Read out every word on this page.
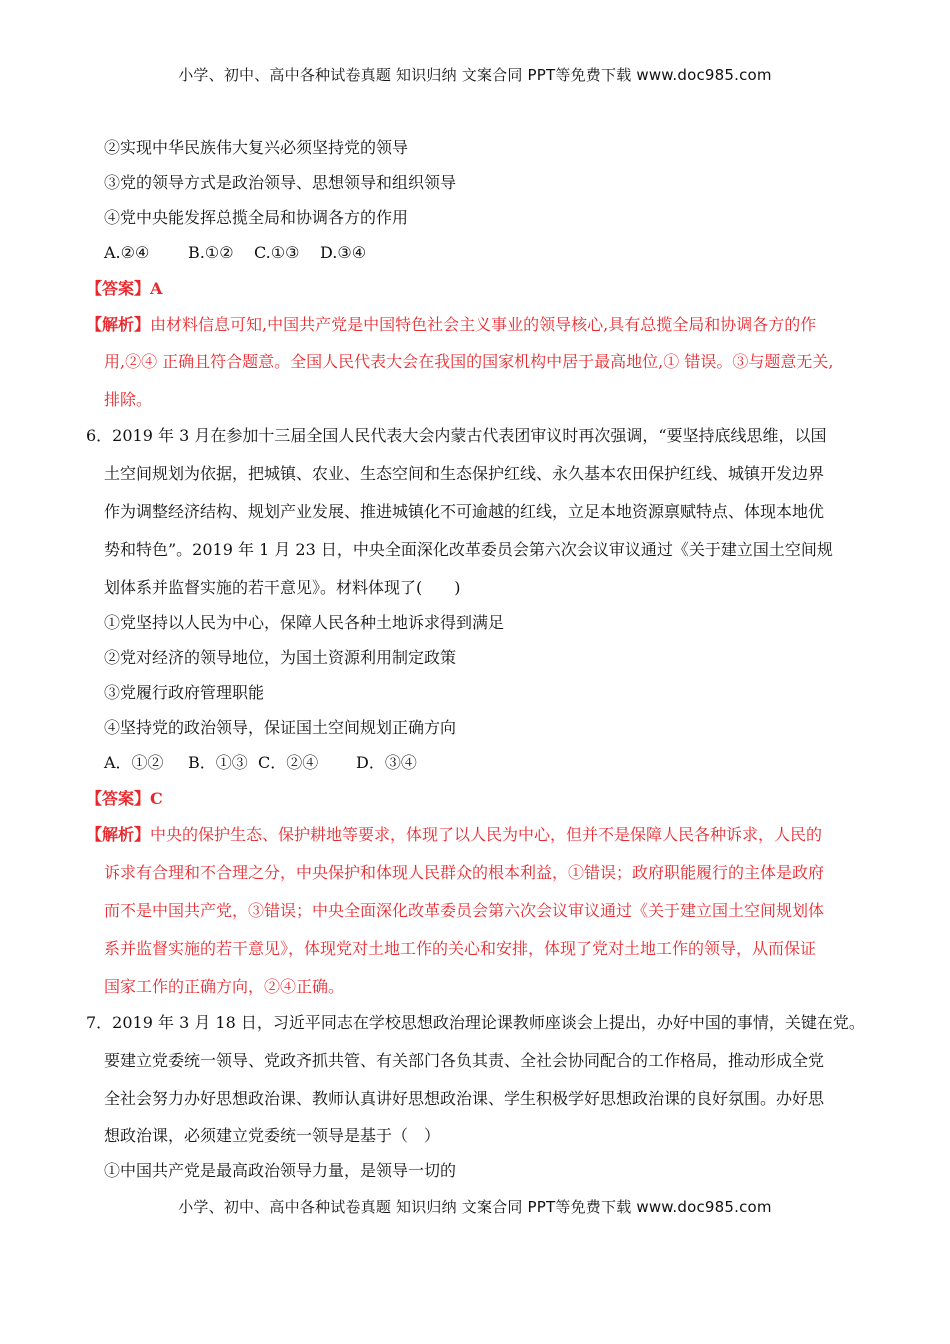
小学、初中、高中各种试卷真题 知识归纳 文案合同 PPT等免费下载 www.doc985.com
②实现中华民族伟大复兴必须坚持党的领导
③党的领导方式是政治领导、思想领导和组织领导
④党中央能发挥总揽全局和协调各方的作用
A.②④ B.①② C.①③ D.③④
【答案】A
【解析】由材料信息可知,中国共产党是中国特色社会主义事业的领导核心,具有总揽全局和协调各方的作
用,②④ 正确且符合题意。全国人民代表大会在我国的国家机构中居于最高地位,① 错误。③与题意无关,
排除。
6．2019 年 3 月在参加十三届全国人民代表大会内蒙古代表团审议时再次强调，“要坚持底线思维，以国
土空间规划为依据，把城镇、农业、生态空间和生态保护红线、永久基本农田保护红线、城镇开发边界
作为调整经济结构、规划产业发展、推进城镇化不可逾越的红线，立足本地资源禀赋特点、体现本地优
势和特色”。2019 年 1 月 23 日，中央全面深化改革委员会第六次会议审议通过《关于建立国土空间规
划体系并监督实施的若干意见》。材料体现了(　　)
①党坚持以人民为中心，保障人民各种土地诉求得到满足
②党对经济的领导地位，为国土资源利用制定政策
③党履行政府管理职能
④坚持党的政治领导，保证国土空间规划正确方向
A．①② B．①③ C．②④ D．③④
【答案】C
【解析】中央的保护生态、保护耕地等要求，体现了以人民为中心，但并不是保障人民各种诉求，人民的
诉求有合理和不合理之分，中央保护和体现人民群众的根本利益，①错误；政府职能履行的主体是政府
而不是中国共产党，③错误；中央全面深化改革委员会第六次会议审议通过《关于建立国土空间规划体
系并监督实施的若干意见》，体现党对土地工作的关心和安排，体现了党对土地工作的领导，从而保证
国家工作的正确方向，②④正确。
7．2019 年 3 月 18 日，习近平同志在学校思想政治理论课教师座谈会上提出，办好中国的事情，关键在党。
要建立党委统一领导、党政齐抓共管、有关部门各负其责、全社会协同配合的工作格局，推动形成全党
全社会努力办好思想政治课、教师认真讲好思想政治课、学生积极学好思想政治课的良好氛围。办好思
想政治课，必须建立党委统一领导是基于（　）
①中国共产党是最高政治领导力量，是领导一切的
小学、初中、高中各种试卷真题 知识归纳 文案合同 PPT等免费下载 www.doc985.com
